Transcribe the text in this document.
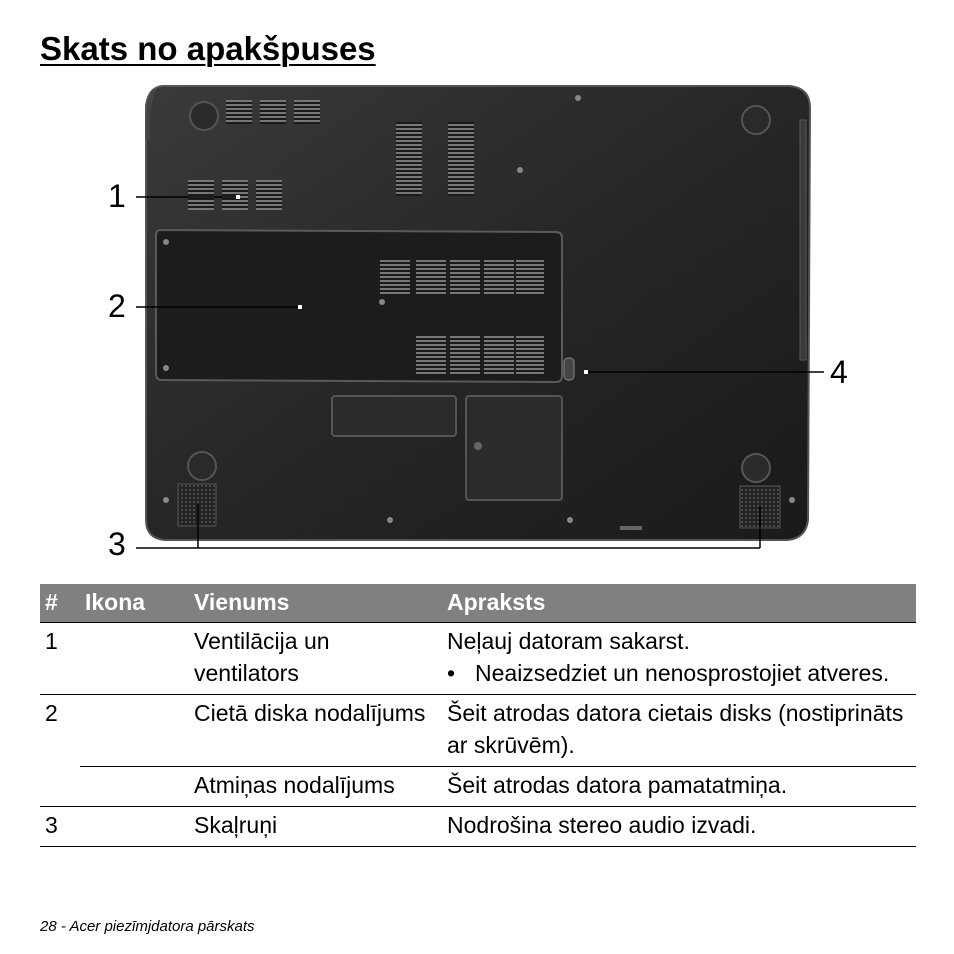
Skats no apakšpuses
1
2
3
4
#	Ikona	Vienums	Apraksts
1		Ventilācija un ventilators	Neļauj datoram sakarst.
• Neaizsedziet un nenosprostojiet atveres.

2		Cietā diska nodalījums	Šeit atrodas datora cietais disks (nostiprināts ar skrūvēm).
		Atmiņas nodalījums	Šeit atrodas datora pamatatmiņa.
3		Skaļruņi	Nodrošina stereo audio izvadi.
28 - Acer piezīmjdatora pārskats
